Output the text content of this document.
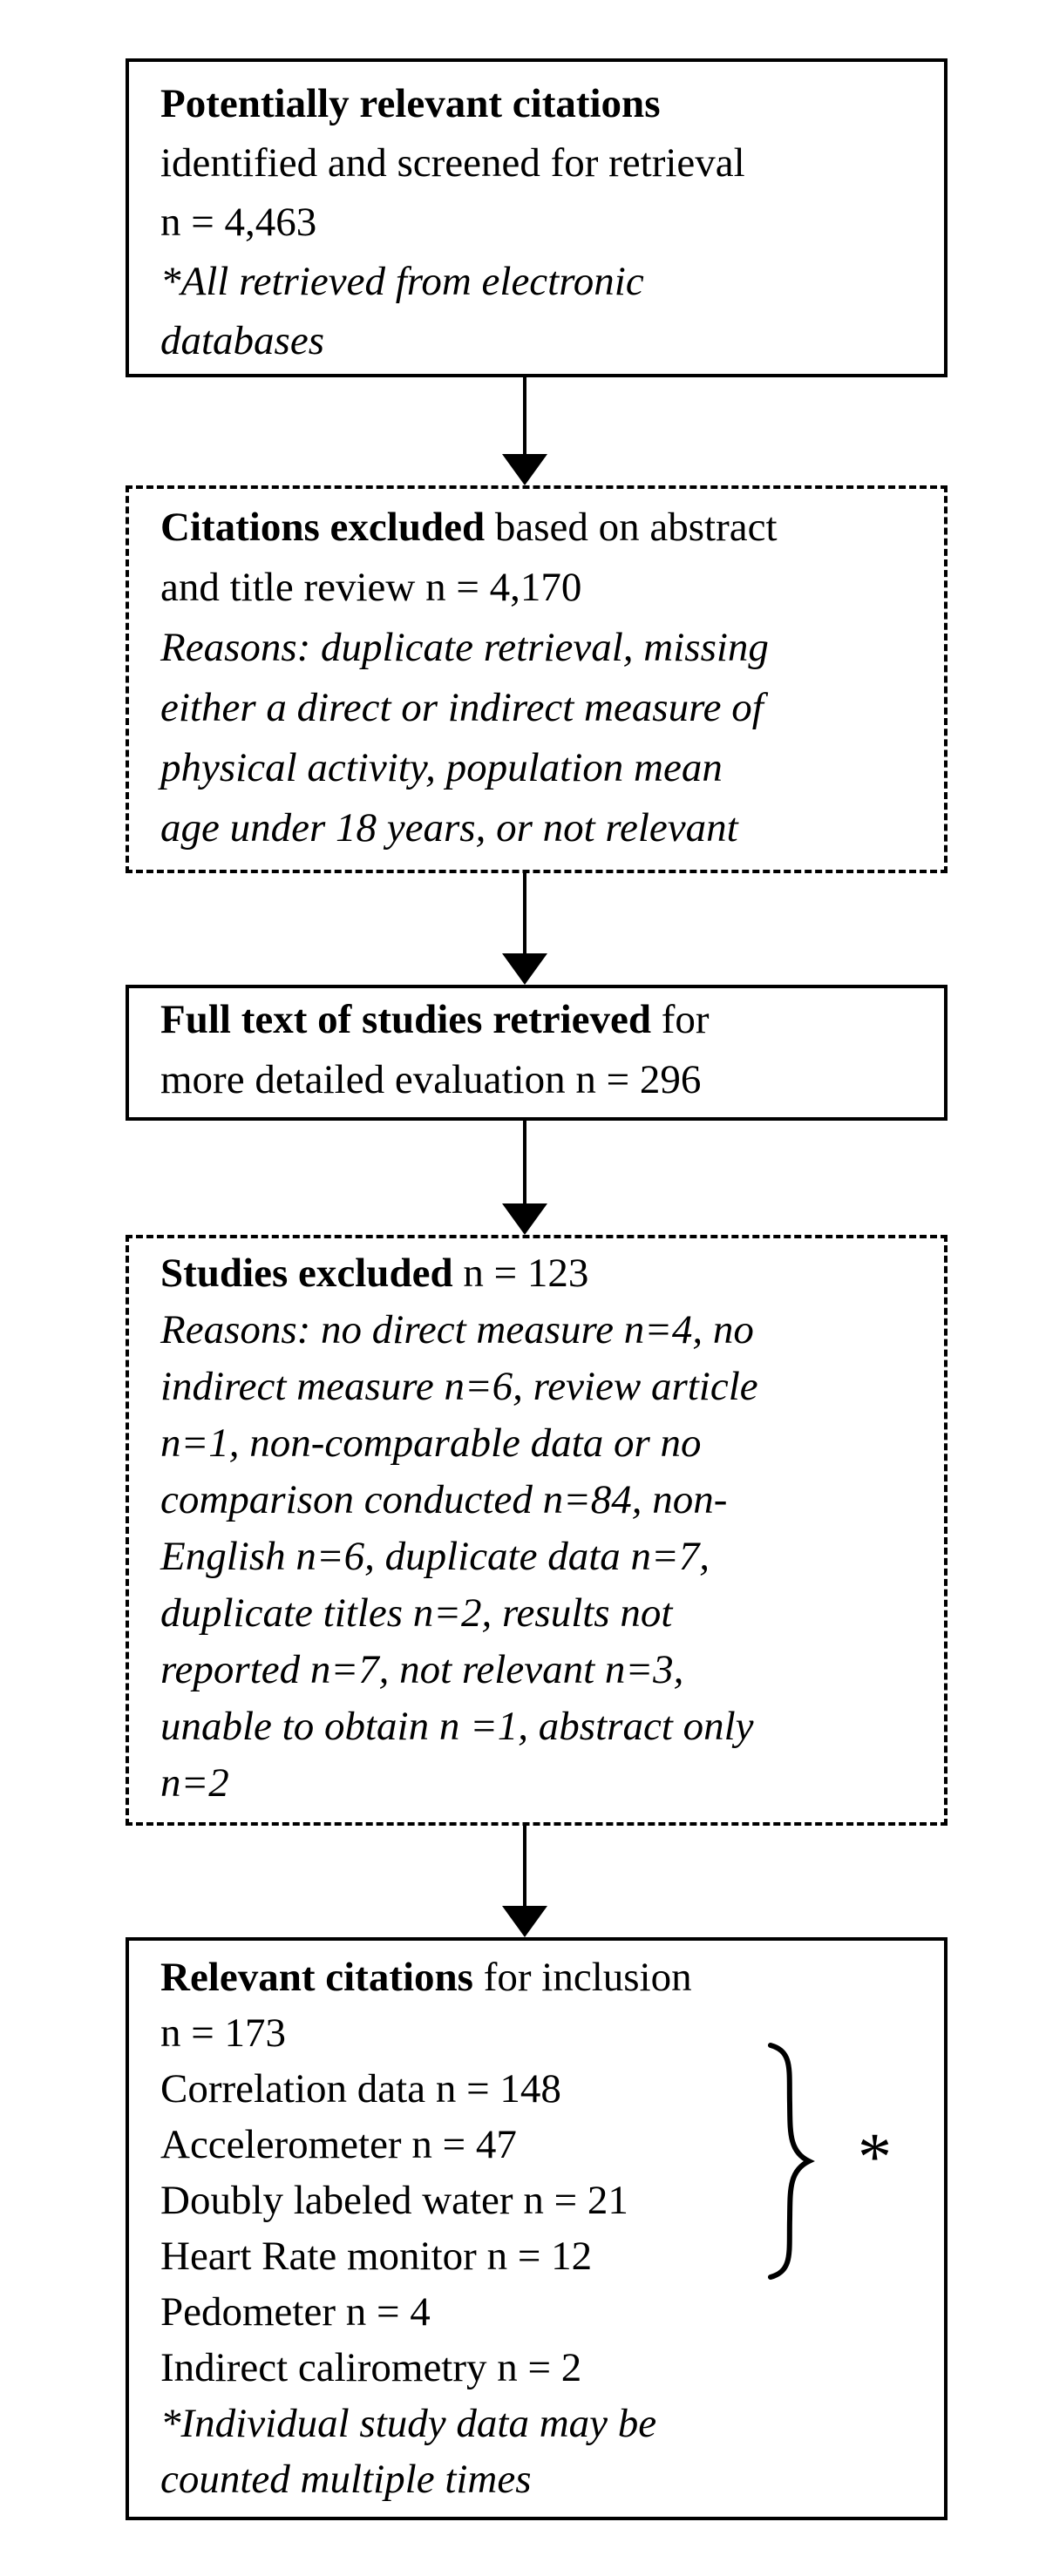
Potentially relevant citations
identified and screened for retrieval
n = 4,463
*All retrieved from electronic
databases
Citations excluded based on abstract
and title review n = 4,170
Reasons: duplicate retrieval, missing
either a direct or indirect measure of
physical activity, population mean
age under 18 years, or not relevant
Full text of studies retrieved for
more detailed evaluation n = 296
Studies excluded n = 123
Reasons: no direct measure n=4, no
indirect measure n=6, review article
n=1, non-comparable data or no
comparison conducted n=84, non-
English n=6, duplicate data n=7,
duplicate titles n=2, results not
reported n=7, not relevant n=3,
unable to obtain n =1, abstract only
n=2
Relevant citations for inclusion
n = 173
Correlation data n = 148
Accelerometer n = 47
Doubly labeled water n = 21
Heart Rate monitor n = 12
Pedometer n = 4
Indirect calirometry n = 2
*Individual study data may be
counted multiple times
*
